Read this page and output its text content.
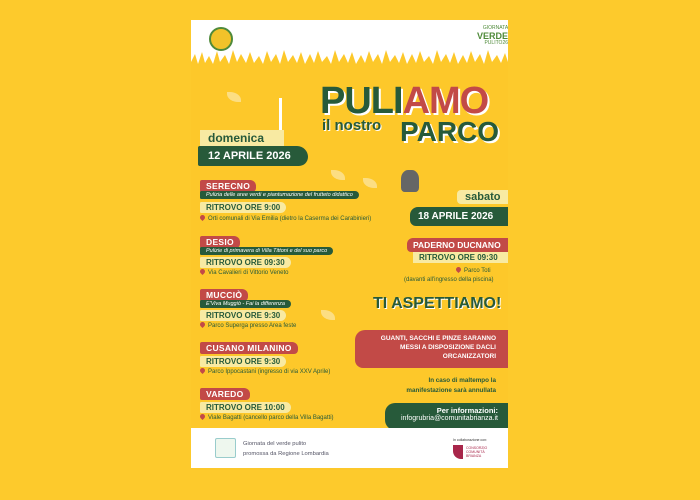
GIORNATA VERDE
PULITO26
PULIAMO
il nostro PARCO
domenica
12 APRILE 2026
SERECNO
Pulizia delle aree verdi e piantumazione del frutteto didattico
RITROVO ORE 9:00
Orti comunali di Via Emilia (dietro la Caserma dei Carabinieri)
DESIO
Pulizie di primavera di Villa Tittoni e del suo parco
RITROVO ORE 09:30
Via Cavalieri di Vittorio Veneto
MUCCIÒ
E'Viva Muggiò - Fai la differenza
RITROVO ORE 9:30
Parco Superga presso Area feste
CUSANO MILANINO
RITROVO ORE 9:30
Parco Ippocastani (ingresso di via XXV Aprile)
VAREDO
RITROVO ORE 10:00
Viale Bagatti (cancello parco della Villa Bagatti)
sabato
18 APRILE 2026
PADERNO DUCNANO
RITROVO ORE 09:30
Parco Toti
(davanti all'ingresso della piscina)
TI ASPETTIAMO!
GUANTI, SACCHI E PINZE SARANNO MESSI A DISPOSIZIONE DACLI ORCANIZZATORI
In caso di maltempo la
manifestazione sarà annullata
Per informazioni:
infogrubria@comunitabrianza.it
Giornata del verde pulito
promossa da Regione Lombardia
In collaborazione con:
CONSORZIO COMUNITÀ BRIANZA
